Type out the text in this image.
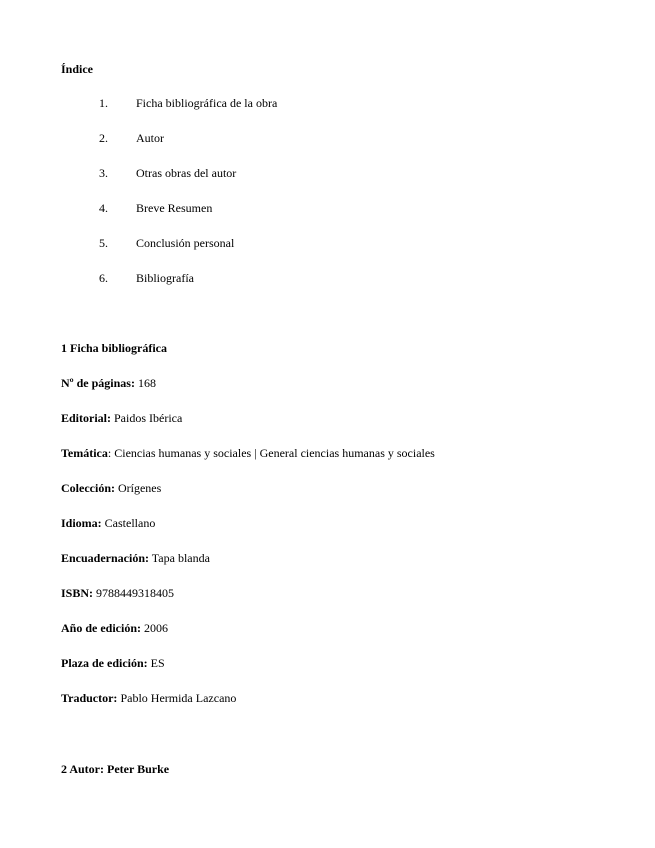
Índice
1. Ficha bibliográfica de la obra
2. Autor
3. Otras obras del autor
4. Breve Resumen
5. Conclusión personal
6. Bibliografía
1 Ficha bibliográfica
Nº de páginas: 168
Editorial: Paidos Ibérica
Temática: Ciencias humanas y sociales | General ciencias humanas y sociales
Colección: Orígenes
Idioma: Castellano
Encuadernación: Tapa blanda
ISBN: 9788449318405
Año de edición: 2006
Plaza de edición: ES
Traductor: Pablo Hermida Lazcano
2 Autor: Peter Burke
